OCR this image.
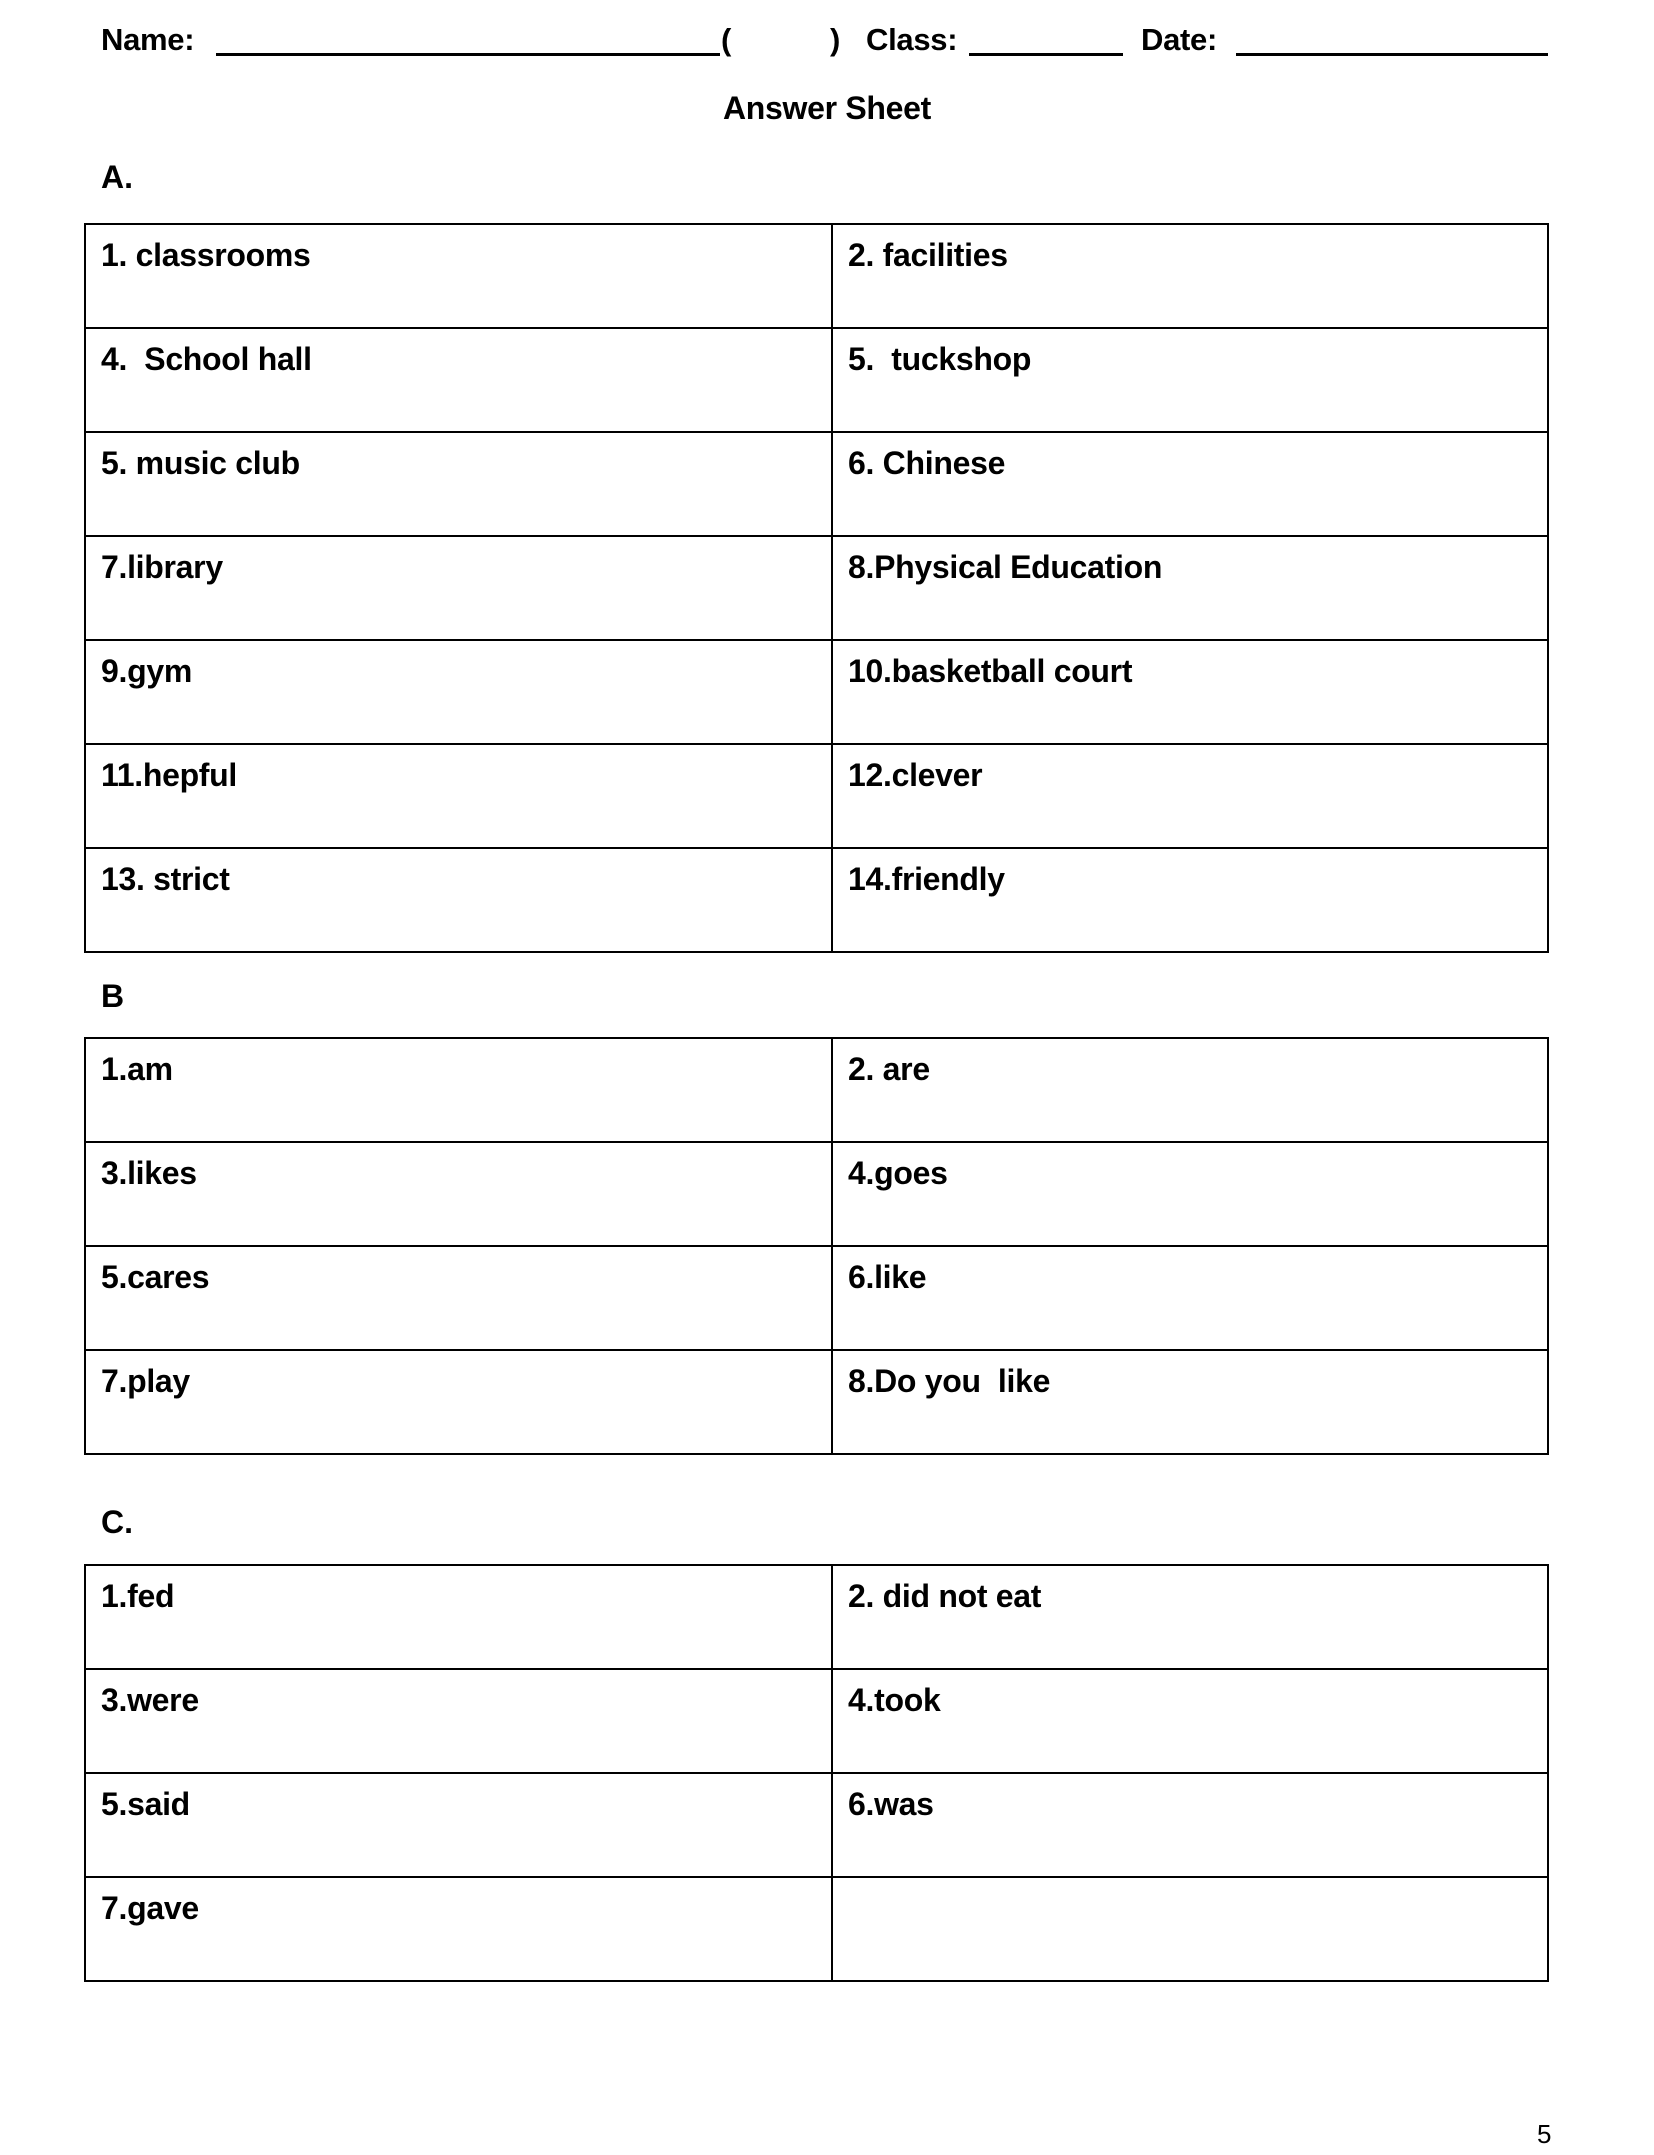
Name:	(	) Class:	Date:
Answer Sheet
A.
1. classrooms	2. facilities
4.  School hall	5.  tuckshop
5. music club	6. Chinese
7.library	8.Physical Education
9.gym	10.basketball court
11.hepful	12.clever
13. strict	14.friendly
B
1.am	2. are
3.likes	4.goes
5.cares	6.like
7.play	8.Do you  like
C.
1.fed	2. did not eat
3.were	4.took
5.said	6.was
7.gave	
5
